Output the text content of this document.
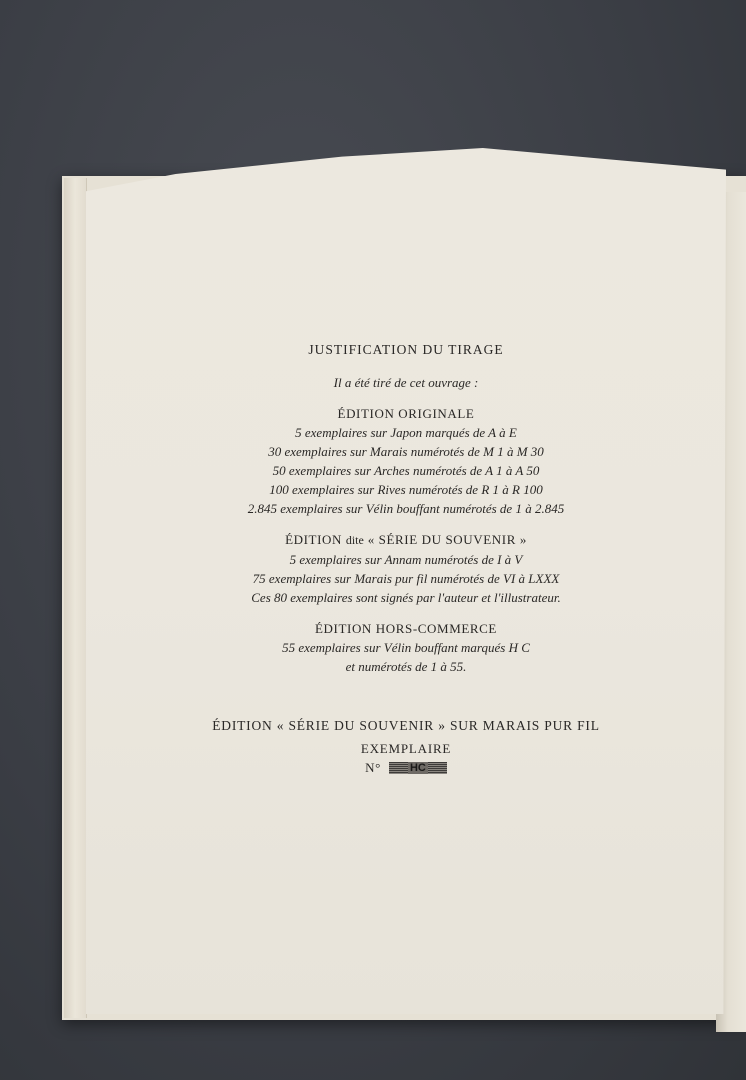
JUSTIFICATION DU TIRAGE

Il a été tiré de cet ouvrage :

ÉDITION ORIGINALE

5 exemplaires sur Japon marqués de A à E

30 exemplaires sur Marais numérotés de M 1 à M 30

50 exemplaires sur Arches numérotés de A 1 à A 50

100 exemplaires sur Rives numérotés de R 1 à R 100

2.845 exemplaires sur Vélin bouffant numérotés de 1 à 2.845

ÉDITION dite « SÉRIE DU SOUVENIR »

5 exemplaires sur Annam numérotés de I à V

75 exemplaires sur Marais pur fil numérotés de VI à LXXX

Ces 80 exemplaires sont signés par l'auteur et l'illustrateur.

ÉDITION HORS-COMMERCE

55 exemplaires sur Vélin bouffant marqués H C

et numérotés de 1 à 55.

ÉDITION « SÉRIE DU SOUVENIR » SUR MARAIS PUR FIL

EXEMPLAIRE

N°	HC
